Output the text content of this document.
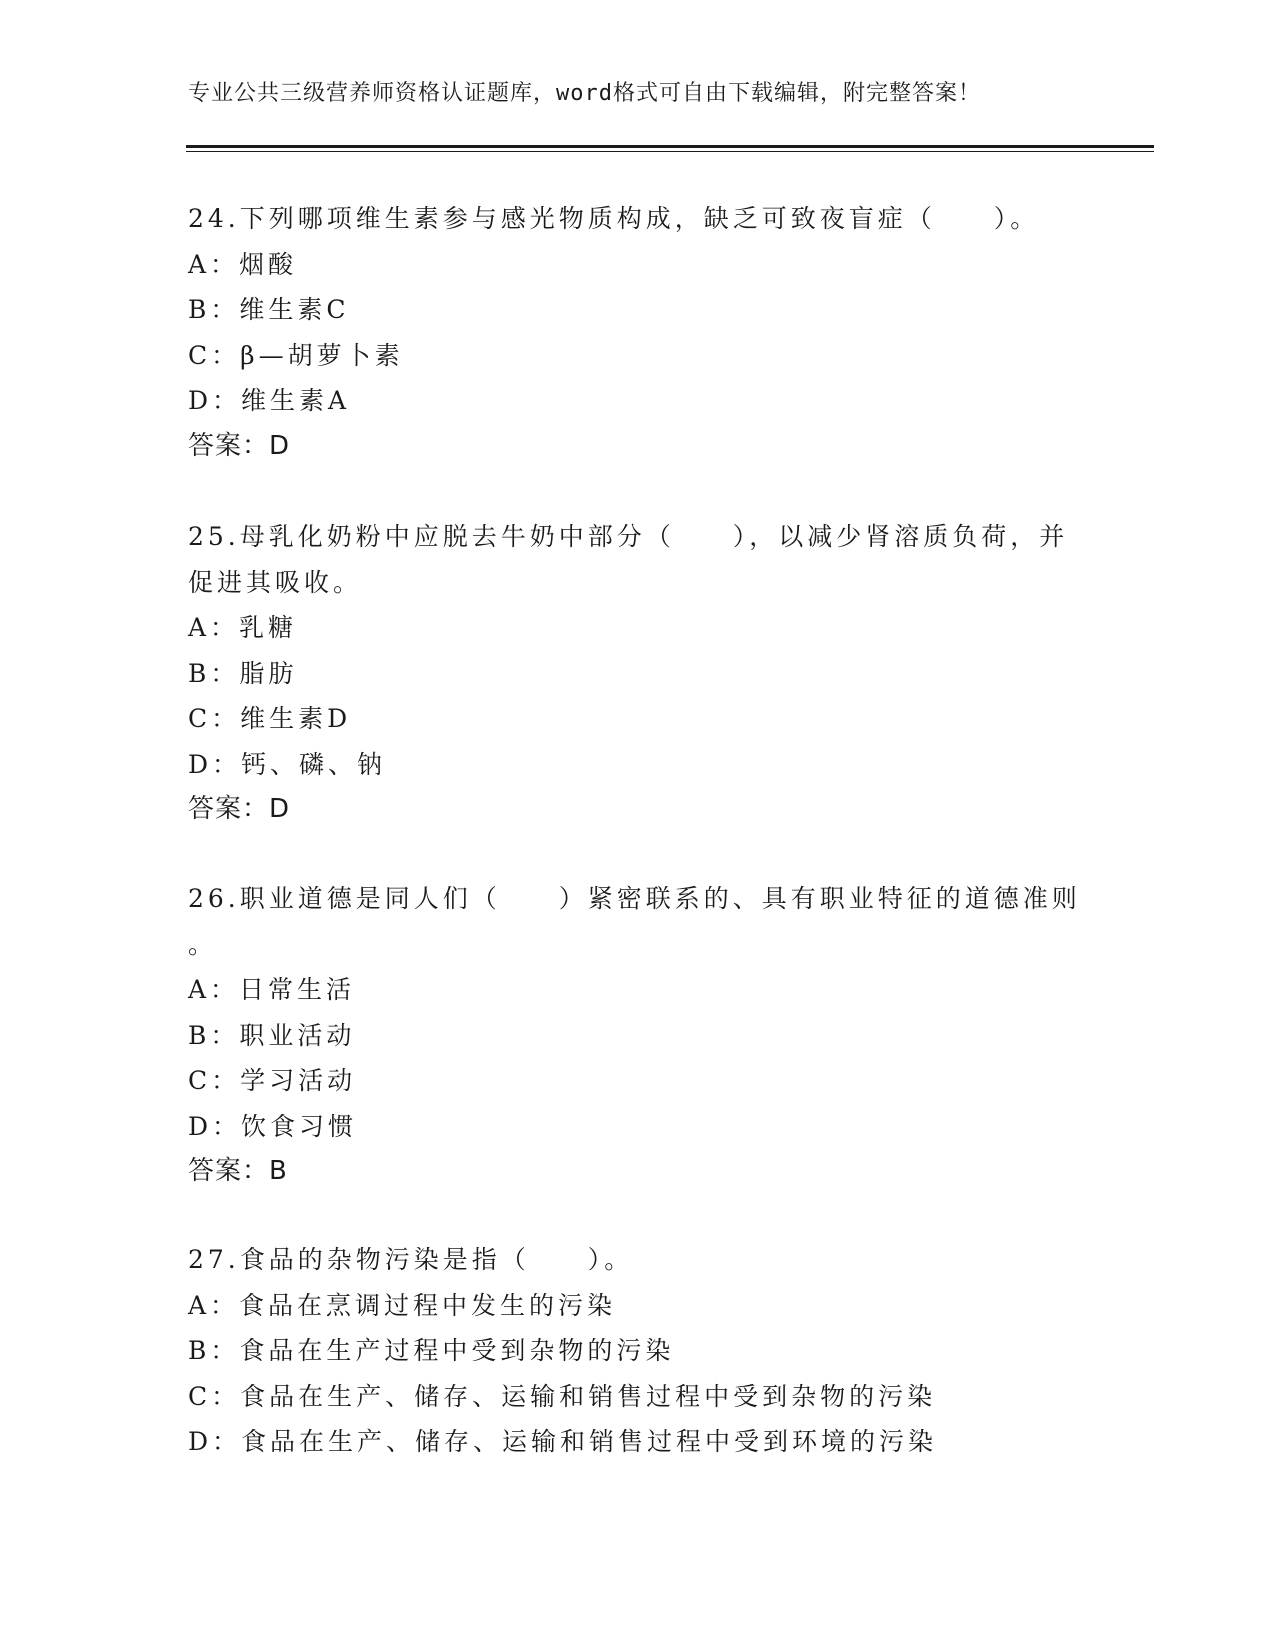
专业公共三级营养师资格认证题库，word格式可自由下载编辑，附完整答案！
24.下列哪项维生素参与感光物质构成，缺乏可致夜盲症（　　）。
A：烟酸
B：维生素C
C：β—胡萝卜素
D：维生素A
答案：D
25.母乳化奶粉中应脱去牛奶中部分（　　），以减少肾溶质负荷，并
促进其吸收。
A：乳糖
B：脂肪
C：维生素D
D：钙、磷、钠
答案：D
26.职业道德是同人们（　　）紧密联系的、具有职业特征的道德准则
。
A：日常生活
B：职业活动
C：学习活动
D：饮食习惯
答案：B
27.食品的杂物污染是指（　　）。
A：食品在烹调过程中发生的污染
B：食品在生产过程中受到杂物的污染
C：食品在生产、储存、运输和销售过程中受到杂物的污染
D：食品在生产、储存、运输和销售过程中受到环境的污染
